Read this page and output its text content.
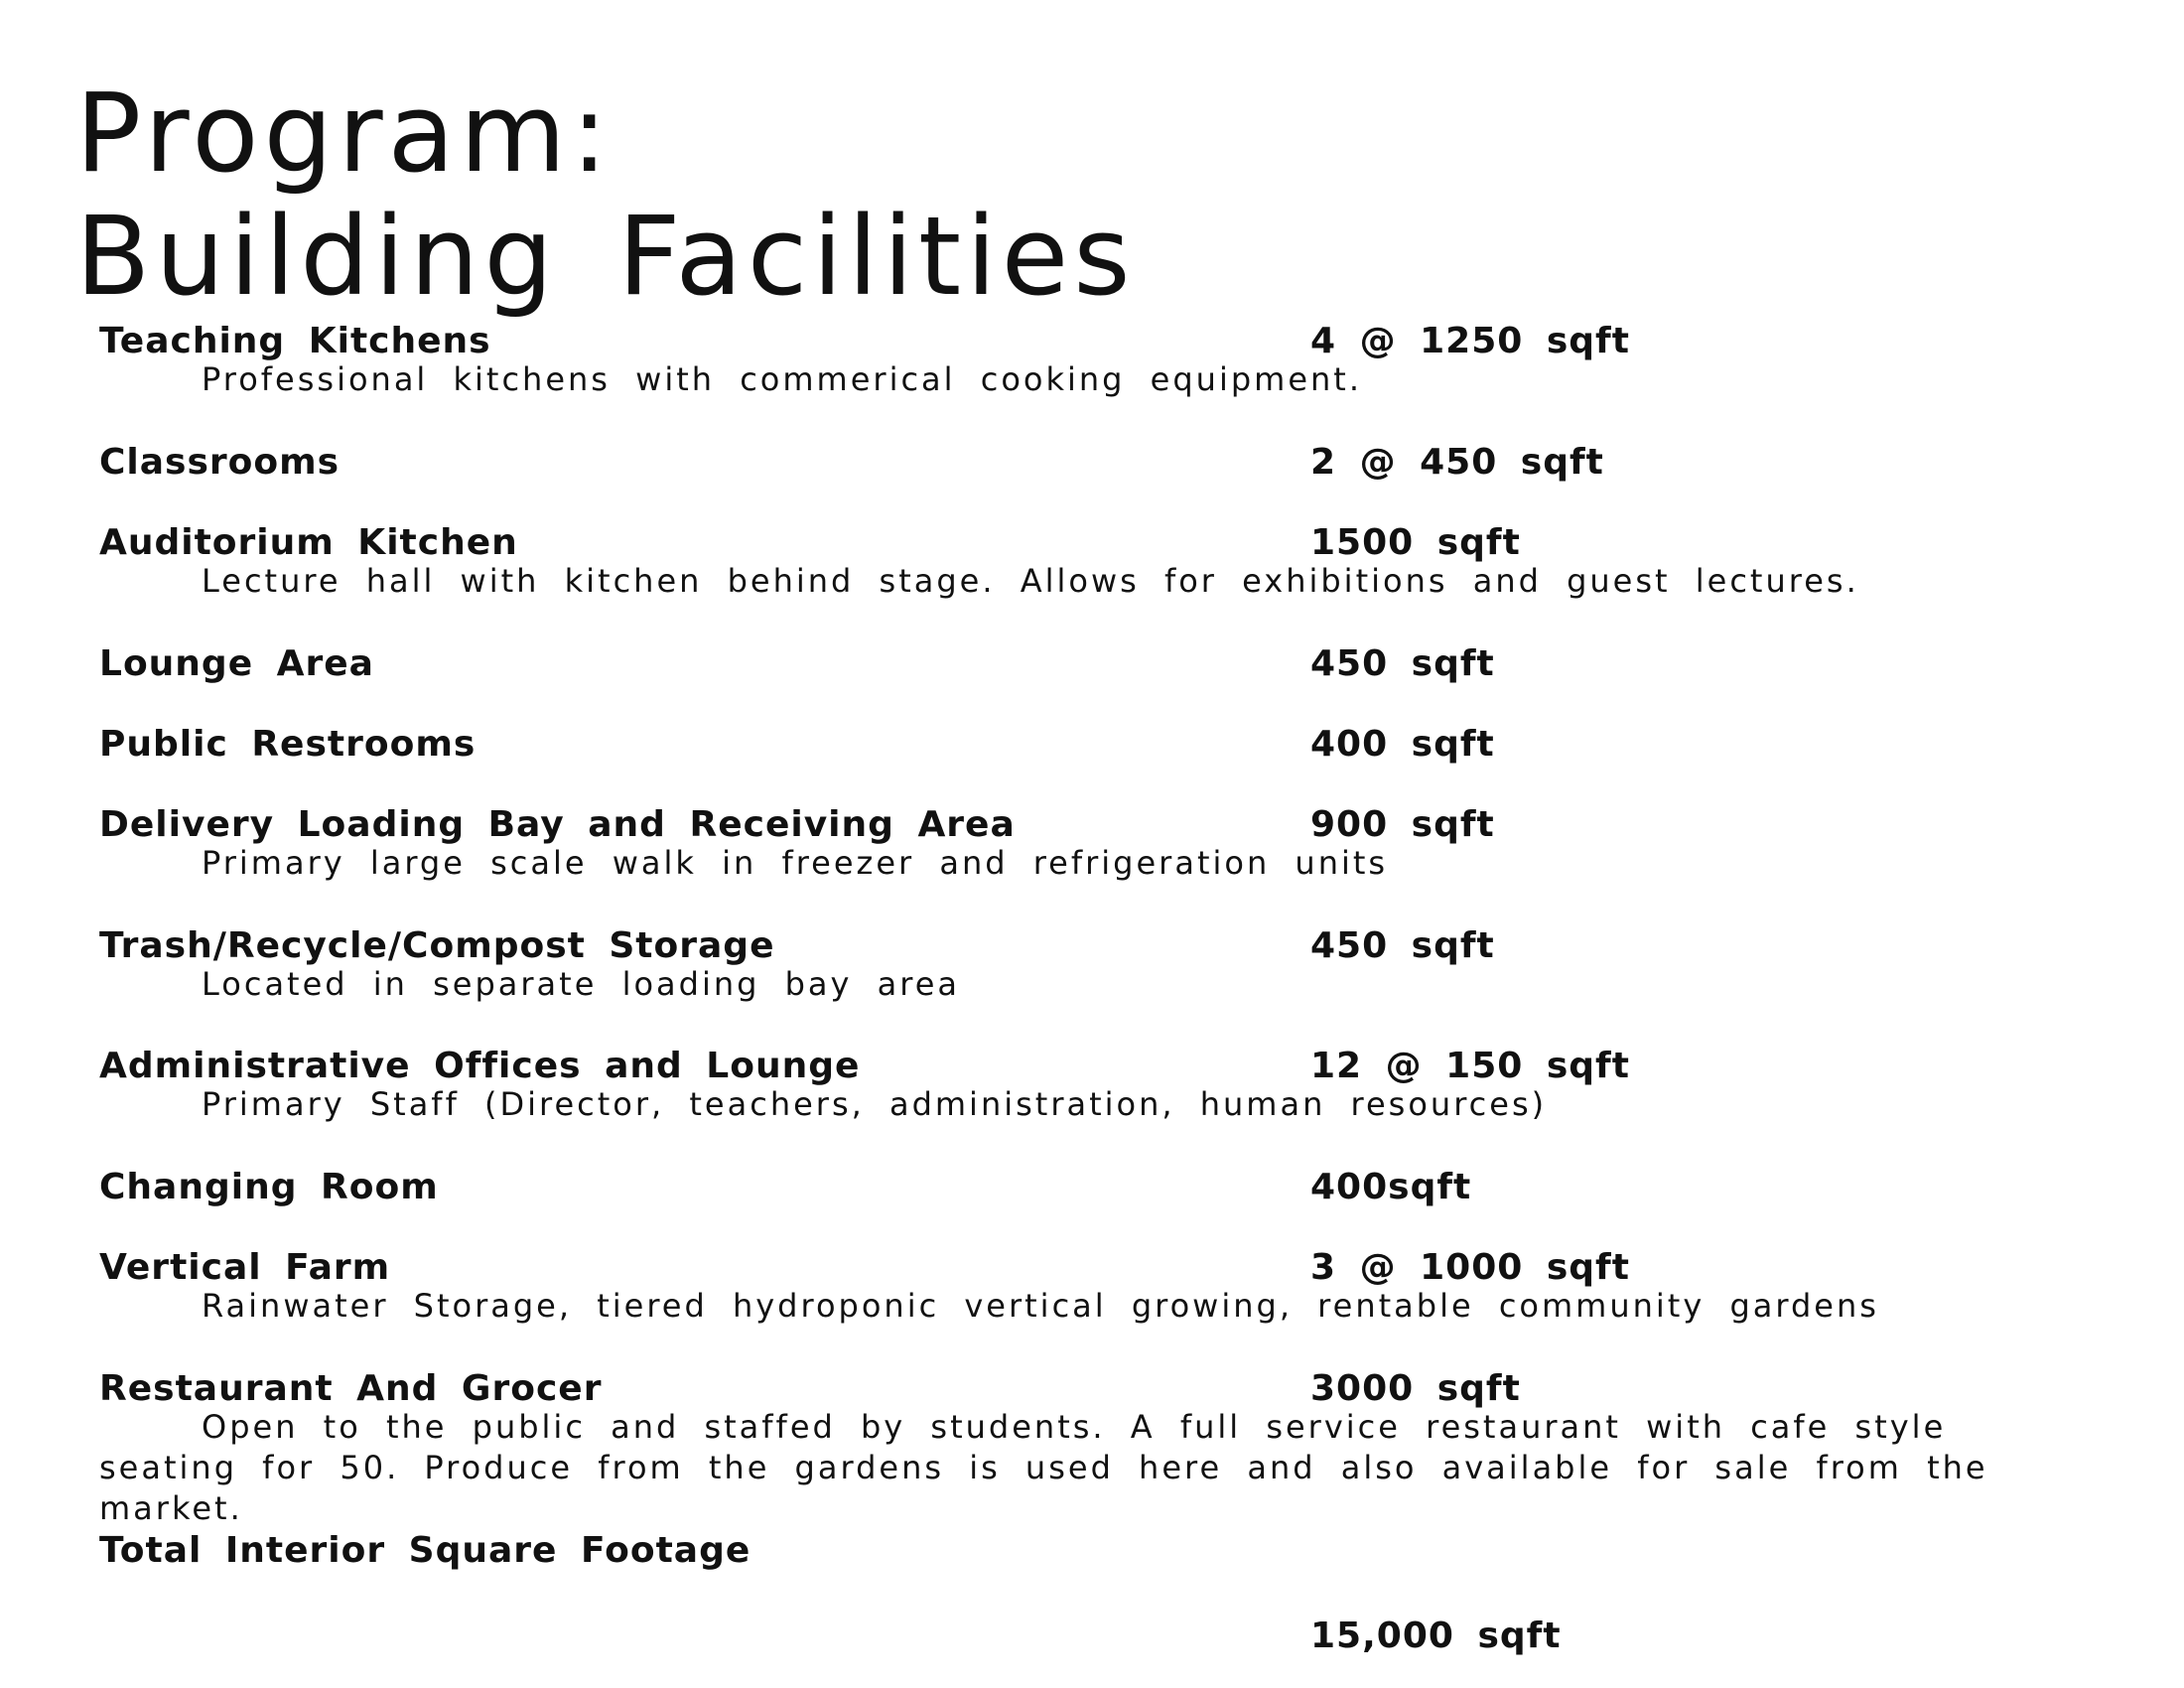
Program:
Building Facilities
Teaching Kitchens	4 @ 1250 sqft
Professional kitchens with commerical cooking equipment.
Classrooms	2 @ 450 sqft
Auditorium Kitchen	1500 sqft
Lecture hall with kitchen behind stage. Allows for exhibitions and guest lectures.
Lounge Area	450 sqft
Public Restrooms	400 sqft
Delivery Loading Bay and Receiving Area	900 sqft
Primary large scale walk in freezer and refrigeration units
Trash/Recycle/Compost Storage	450 sqft
Located in separate loading bay area
Administrative Offices and Lounge	12 @ 150 sqft
Primary Staff (Director, teachers, administration, human resources)
Changing Room	400sqft
Vertical Farm	3 @ 1000 sqft
Rainwater Storage, tiered hydroponic vertical growing, rentable community gardens
Restaurant And Grocer	3000 sqft
Open to the public and staffed by students. A full service restaurant with cafe style seating for 50. Produce from the gardens is used here and also available for sale from the market.
Total Interior Square Footage
15,000 sqft
